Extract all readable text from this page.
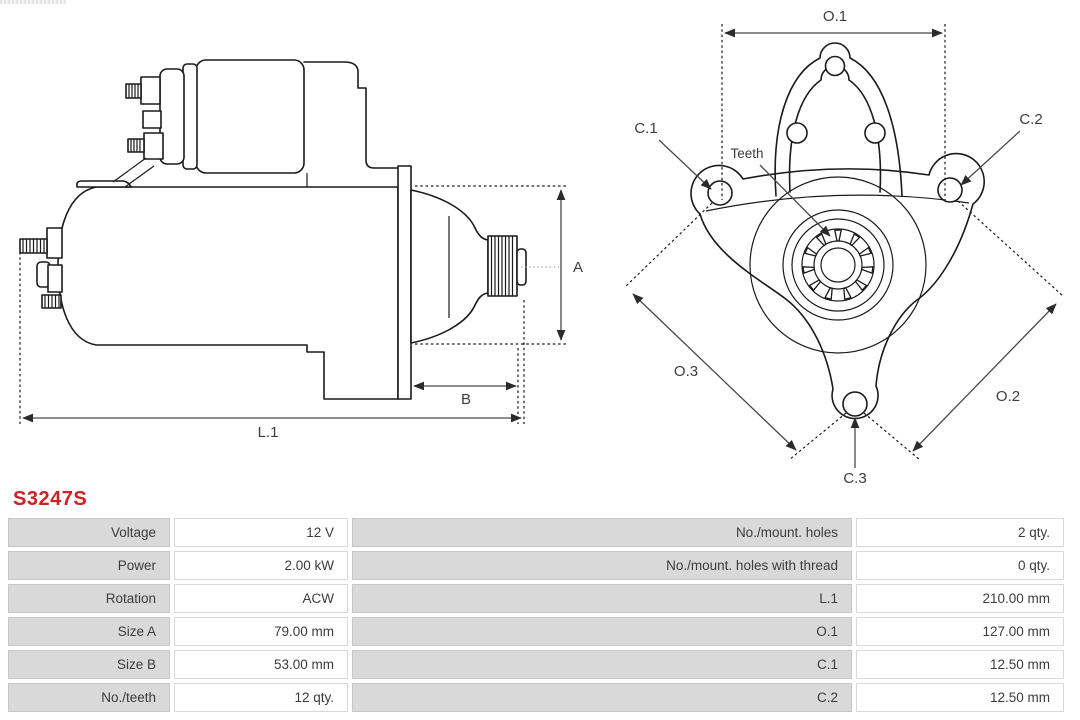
A
B
L.1
O.1
C.1
C.2
Teeth
O.3
O.2
C.3
S3247S
Voltage	12 V	No./mount. holes	2 qty.
Power	2.00 kW	No./mount. holes with thread	0 qty.
Rotation	ACW	L.1	210.00 mm
Size A	79.00 mm	O.1	127.00 mm
Size B	53.00 mm	C.1	12.50 mm
No./teeth	12 qty.	C.2	12.50 mm
